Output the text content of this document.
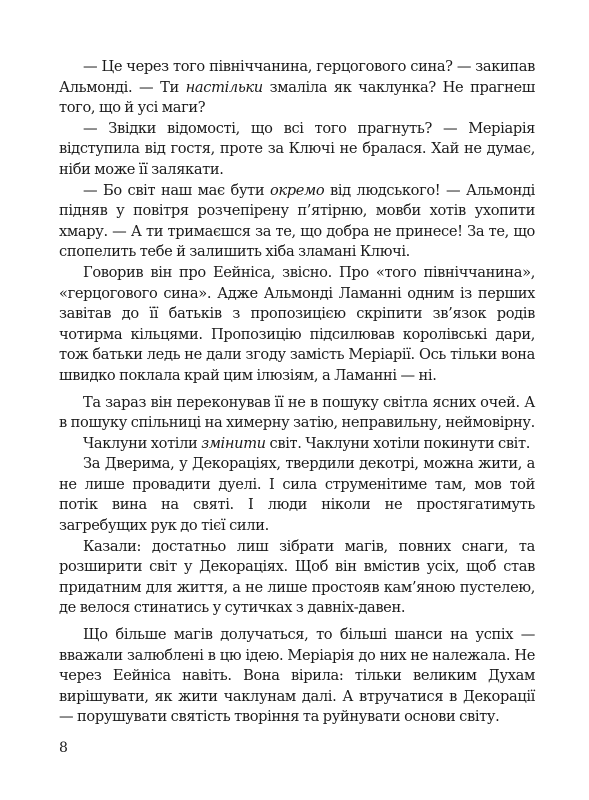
— Це через того північчанина, герцогового сина? — закипав Альмонді. — Ти настільки змаліла як чаклунка? Не прагнеш того, що й усі маги?

— Звідки відомості, що всі того прагнуть? — Меріарія відступила від гостя, проте за Ключі не бралася. Хай не думає, ніби може її залякати.

— Бо світ наш має бути окремо від людського! — Альмонді підняв у повітря розчепірену п’ятірню, мовби хотів ухопити хмару. — А ти тримаєшся за те, що добра не принесе! За те, що спопелить тебе й залишить хіба зламані Ключі.

Говорив він про Еейніса, звісно. Про «того північчанина», «герцогового сина». Адже Альмонді Ламанні одним із перших завітав до її батьків з пропозицією скріпити зв’язок родів чотирма кільцями. Пропозицію підсилював королівські дари, тож батьки ледь не дали згоду замість Меріарії. Ось тільки вона швидко поклала край цим ілюзіям, а Ламанні — ні.

Та зараз він переконував її не в пошуку світла ясних очей. А в пошуку спільниці на химерну затію, неправильну, неймовірну.

Чаклуни хотіли змінити світ. Чаклуни хотіли покинути світ.

За Дверима, у Декораціях, твердили декотрі, можна жити, а не лише провадити дуелі. І сила струменітиме там, мов той потік вина на святі. І люди ніколи не простягатимуть загребущих рук до тієї сили.

Казали: достатньо лиш зібрати магів, повних снаги, та розширити світ у Декораціях. Щоб він вмістив усіх, щоб став придатним для життя, а не лише простояв кам’яною пустелею, де велося стинатись у сутичках з давніх-давен.

Що більше магів долучаться, то більші шанси на успіх — вважали залюблені в цю ідею. Меріарія до них не належала. Не через Еейніса навіть. Вона вірила: тільки великим Духам вирішувати, як жити чаклунам далі. А втручатися в Декорації — порушувати святість творіння та руйнувати основи світу.

8
